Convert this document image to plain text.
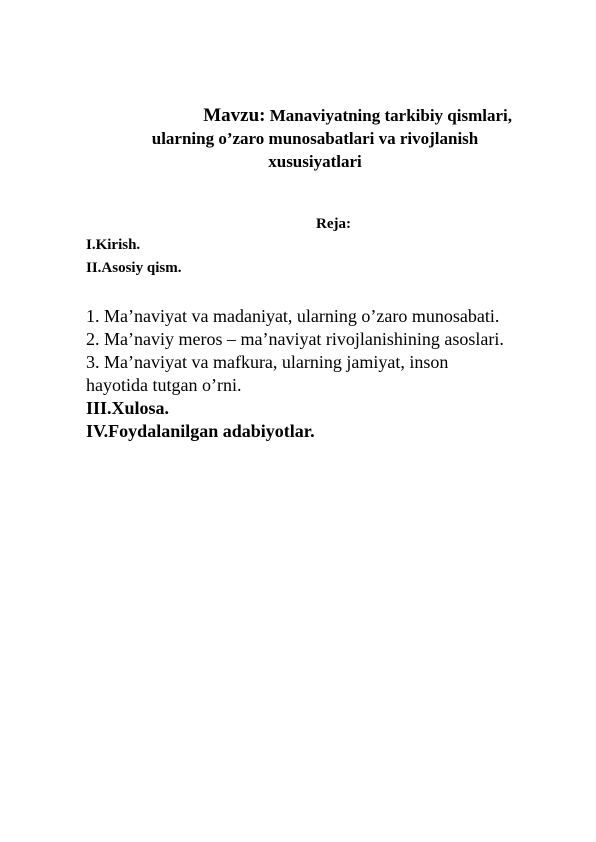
Mavzu: Manaviyatning tarkibiy qismlari,
ularning o’zaro munosabatlari va rivojlanish
xususiyatlari
Reja:
I.Kirish.
II.Asosiy qism.
1. Ma’naviyat va madaniyat, ularning o’zaro munosabati.
2. Ma’naviy meros – ma’naviyat rivojlanishining asoslari.
3. Ma’naviyat va mafkura, ularning jamiyat, inson
hayotida tutgan o’rni.
III.Xulosa.
IV.Foydalanilgan adabiyotlar.
